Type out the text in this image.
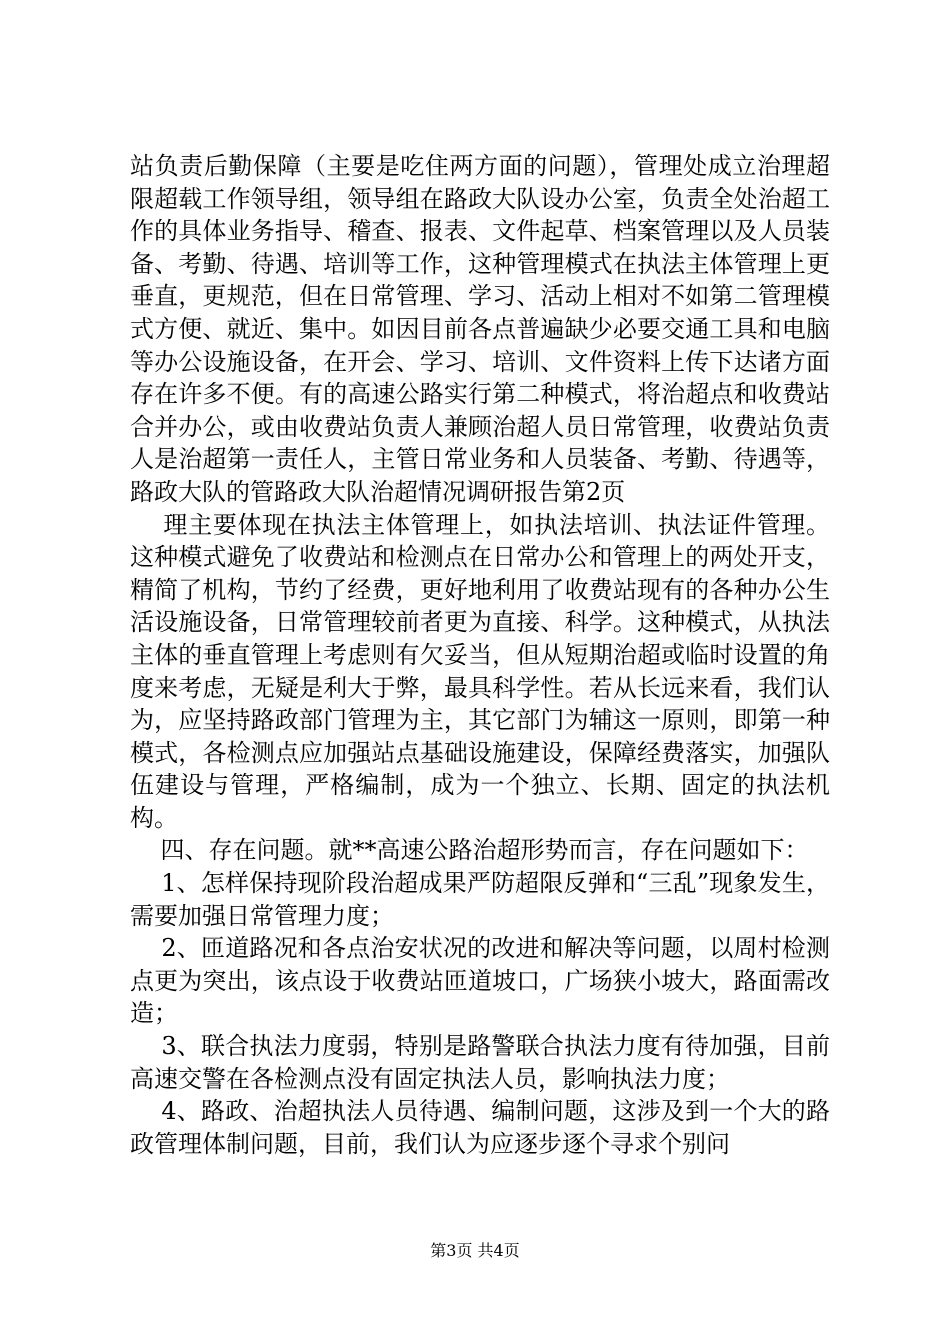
站负责后勤保障（主要是吃住两方面的问题），管理处成立治理超限超载工作领导组，领导组在路政大队设办公室，负责全处治超工作的具体业务指导、稽查、报表、文件起草、档案管理以及人员装备、考勤、待遇、培训等工作，这种管理模式在执法主体管理上更垂直，更规范，但在日常管理、学习、活动上相对不如第二管理模式方便、就近、集中。如因目前各点普遍缺少必要交通工具和电脑等办公设施设备，在开会、学习、培训、文件资料上传下达诸方面存在许多不便。有的高速公路实行第二种模式，将治超点和收费站合并办公，或由收费站负责人兼顾治超人员日常管理，收费站负责人是治超第一责任人，主管日常业务和人员装备、考勤、待遇等，路政大队的管路政大队治超情况调研报告第2页

理主要体现在执法主体管理上，如执法培训、执法证件管理。这种模式避免了收费站和检测点在日常办公和管理上的两处开支，精简了机构，节约了经费，更好地利用了收费站现有的各种办公生活设施设备，日常管理较前者更为直接、科学。这种模式，从执法主体的垂直管理上考虑则有欠妥当，但从短期治超或临时设置的角度来考虑，无疑是利大于弊，最具科学性。若从长远来看，我们认为，应坚持路政部门管理为主，其它部门为辅这一原则，即第一种模式，各检测点应加强站点基础设施建设，保障经费落实，加强队伍建设与管理，严格编制，成为一个独立、长期、固定的执法机构。

四、存在问题。就**高速公路治超形势而言，存在问题如下：

1、怎样保持现阶段治超成果严防超限反弹和“三乱”现象发生，需要加强日常管理力度；

2、匝道路况和各点治安状况的改进和解决等问题，以周村检测点更为突出，该点设于收费站匝道坡口，广场狭小坡大，路面需改造；

3、联合执法力度弱，特别是路警联合执法力度有待加强，目前高速交警在各检测点没有固定执法人员，影响执法力度；

4、路政、治超执法人员待遇、编制问题，这涉及到一个大的路政管理体制问题，目前，我们认为应逐步逐个寻求个别问

第3页 共4页
